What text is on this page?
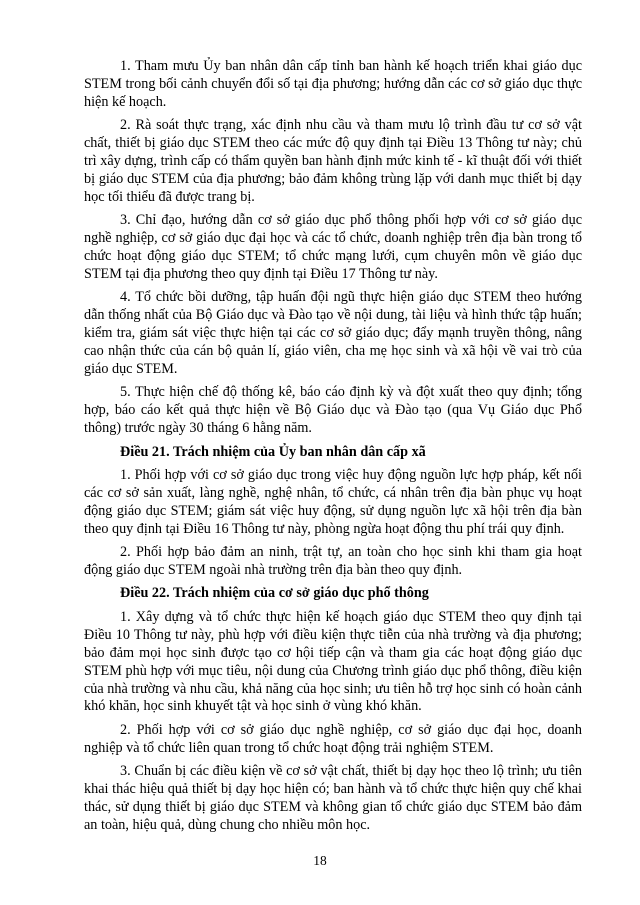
1. Tham mưu Ủy ban nhân dân cấp tỉnh ban hành kế hoạch triển khai giáo dục STEM trong bối cảnh chuyển đổi số tại địa phương; hướng dẫn các cơ sở giáo dục thực hiện kế hoạch.

2. Rà soát thực trạng, xác định nhu cầu và tham mưu lộ trình đầu tư cơ sở vật chất, thiết bị giáo dục STEM theo các mức độ quy định tại Điều 13 Thông tư này; chủ trì xây dựng, trình cấp có thẩm quyền ban hành định mức kinh tế - kĩ thuật đối với thiết bị giáo dục STEM của địa phương; bảo đảm không trùng lặp với danh mục thiết bị dạy học tối thiểu đã được trang bị.

3. Chỉ đạo, hướng dẫn cơ sở giáo dục phổ thông phối hợp với cơ sở giáo dục nghề nghiệp, cơ sở giáo dục đại học và các tổ chức, doanh nghiệp trên địa bàn trong tổ chức hoạt động giáo dục STEM; tổ chức mạng lưới, cụm chuyên môn về giáo dục STEM tại địa phương theo quy định tại Điều 17 Thông tư này.

4. Tổ chức bồi dưỡng, tập huấn đội ngũ thực hiện giáo dục STEM theo hướng dẫn thống nhất của Bộ Giáo dục và Đào tạo về nội dung, tài liệu và hình thức tập huấn; kiểm tra, giám sát việc thực hiện tại các cơ sở giáo dục; đẩy mạnh truyền thông, nâng cao nhận thức của cán bộ quản lí, giáo viên, cha mẹ học sinh và xã hội về vai trò của giáo dục STEM.

5. Thực hiện chế độ thống kê, báo cáo định kỳ và đột xuất theo quy định; tổng hợp, báo cáo kết quả thực hiện về Bộ Giáo dục và Đào tạo (qua Vụ Giáo dục Phổ thông) trước ngày 30 tháng 6 hằng năm.

Điều 21. Trách nhiệm của Ủy ban nhân dân cấp xã

1. Phối hợp với cơ sở giáo dục trong việc huy động nguồn lực hợp pháp, kết nối các cơ sở sản xuất, làng nghề, nghệ nhân, tổ chức, cá nhân trên địa bàn phục vụ hoạt động giáo dục STEM; giám sát việc huy động, sử dụng nguồn lực xã hội trên địa bàn theo quy định tại Điều 16 Thông tư này, phòng ngừa hoạt động thu phí trái quy định.

2. Phối hợp bảo đảm an ninh, trật tự, an toàn cho học sinh khi tham gia hoạt động giáo dục STEM ngoài nhà trường trên địa bàn theo quy định.

Điều 22. Trách nhiệm của cơ sở giáo dục phổ thông

1. Xây dựng và tổ chức thực hiện kế hoạch giáo dục STEM theo quy định tại Điều 10 Thông tư này, phù hợp với điều kiện thực tiễn của nhà trường và địa phương; bảo đảm mọi học sinh được tạo cơ hội tiếp cận và tham gia các hoạt động giáo dục STEM phù hợp với mục tiêu, nội dung của Chương trình giáo dục phổ thông, điều kiện của nhà trường và nhu cầu, khả năng của học sinh; ưu tiên hỗ trợ học sinh có hoàn cảnh khó khăn, học sinh khuyết tật và học sinh ở vùng khó khăn.

2. Phối hợp với cơ sở giáo dục nghề nghiệp, cơ sở giáo dục đại học, doanh nghiệp và tổ chức liên quan trong tổ chức hoạt động trải nghiệm STEM.

3. Chuẩn bị các điều kiện về cơ sở vật chất, thiết bị dạy học theo lộ trình; ưu tiên khai thác hiệu quả thiết bị dạy học hiện có; ban hành và tổ chức thực hiện quy chế khai thác, sử dụng thiết bị giáo dục STEM và không gian tổ chức giáo dục STEM bảo đảm an toàn, hiệu quả, dùng chung cho nhiều môn học.

18
